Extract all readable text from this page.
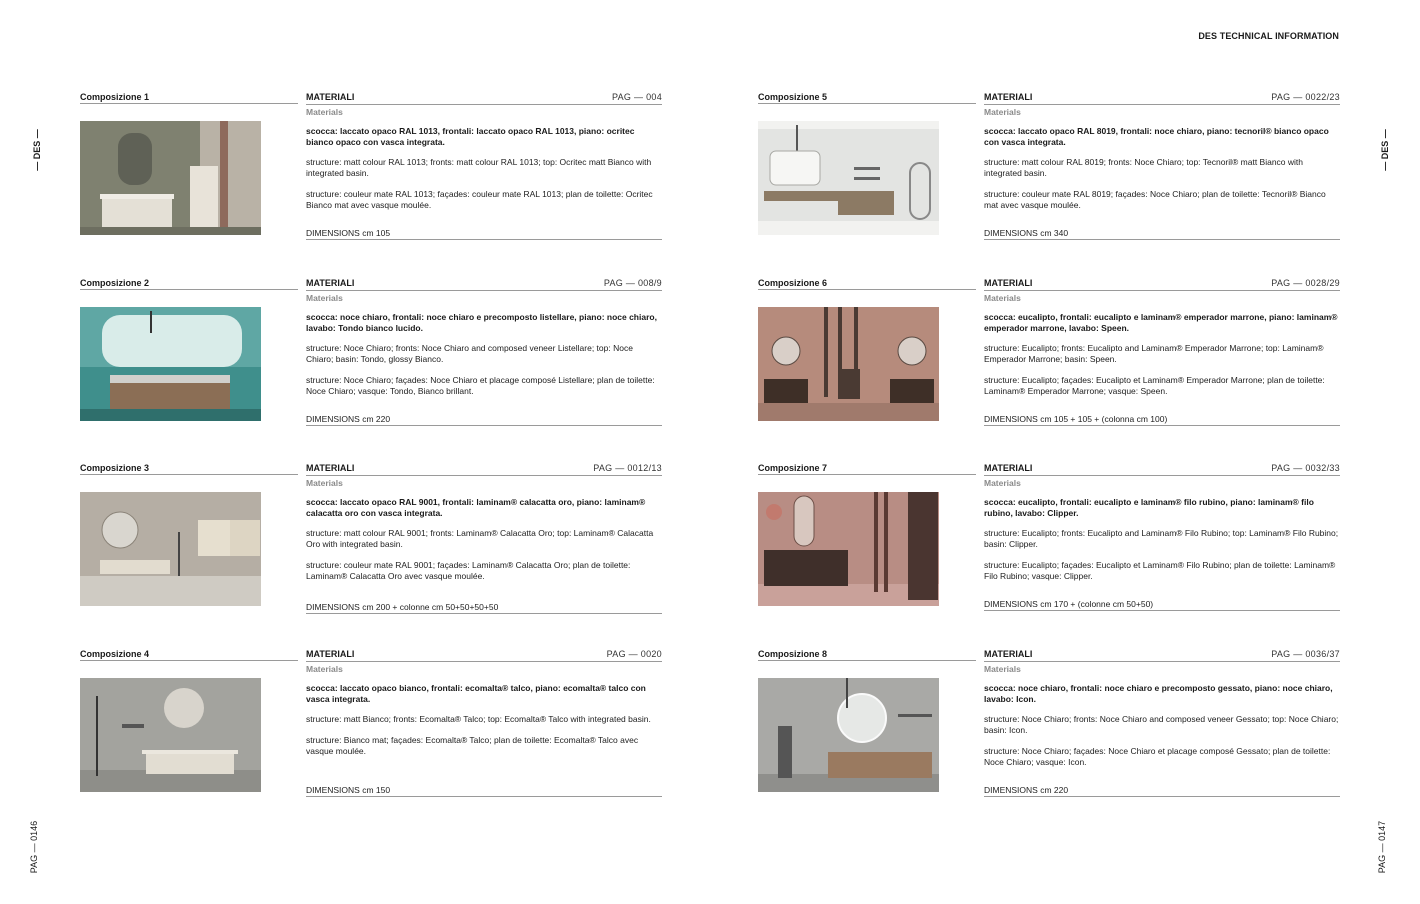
DES TECHNICAL INFORMATION
— DES —	— DES —
PAG — 0146	PAG — 0147
Composizione 1	MATERIALI	PAG — 004
Materials
scocca: laccato opaco RAL 1013, frontali: laccato opaco RAL 1013, piano: ocritec bianco opaco con vasca integrata.
structure: matt colour RAL 1013; fronts: matt colour RAL 1013; top: Ocritec matt Bianco with integrated basin.
structure: couleur mate RAL 1013; façades: couleur mate RAL 1013; plan de toilette: Ocritec Bianco mat avec vasque moulée.
DIMENSIONS cm 105
Composizione 2	MATERIALI	PAG — 008/9
Materials
scocca: noce chiaro, frontali: noce chiaro e precomposto listellare, piano: noce chiaro, lavabo: Tondo bianco lucido.
structure: Noce Chiaro; fronts: Noce Chiaro and composed veneer Listellare; top: Noce Chiaro; basin: Tondo, glossy Bianco.
structure: Noce Chiaro; façades: Noce Chiaro et placage composé Listellare; plan de toilette: Noce Chiaro; vasque: Tondo, Bianco brillant.
DIMENSIONS cm 220
Composizione 3	MATERIALI	PAG — 0012/13
Materials
scocca: laccato opaco RAL 9001, frontali: laminam® calacatta oro, piano: laminam® calacatta oro con vasca integrata.
structure: matt colour RAL 9001; fronts: Laminam® Calacatta Oro; top: Laminam® Calacatta Oro with integrated basin.
structure: couleur mate RAL 9001; façades: Laminam® Calacatta Oro; plan de toilette: Laminam® Calacatta Oro avec vasque moulée.
DIMENSIONS cm 200 + colonne cm 50+50+50+50
Composizione 4	MATERIALI	PAG — 0020
Materials
scocca: laccato opaco bianco, frontali: ecomalta® talco, piano: ecomalta® talco con vasca integrata.
structure: matt Bianco; fronts: Ecomalta® Talco; top: Ecomalta® Talco with integrated basin.
structure: Bianco mat; façades: Ecomalta® Talco; plan de toilette: Ecomalta® Talco avec vasque moulée.
DIMENSIONS cm 150
Composizione 5	MATERIALI	PAG — 0022/23
Materials
scocca: laccato opaco RAL 8019, frontali: noce chiaro, piano: tecnoril® bianco opaco con vasca integrata.
structure: matt colour RAL 8019; fronts: Noce Chiaro; top: Tecnoril® matt Bianco with integrated basin.
structure: couleur mate RAL 8019; façades: Noce Chiaro; plan de toilette: Tecnoril® Bianco mat avec vasque moulée.
DIMENSIONS cm 340
Composizione 6	MATERIALI	PAG — 0028/29
Materials
scocca: eucalipto, frontali: eucalipto e laminam® emperador marrone, piano: laminam® emperador marrone, lavabo: Speen.
structure: Eucalipto; fronts: Eucalipto and Laminam® Emperador Marrone; top: Laminam® Emperador Marrone; basin: Speen.
structure: Eucalipto; façades: Eucalipto et Laminam® Emperador Marrone; plan de toilette: Laminam® Emperador Marrone; vasque: Speen.
DIMENSIONS cm 105 + 105 + (colonna cm 100)
Composizione 7	MATERIALI	PAG — 0032/33
Materials
scocca: eucalipto, frontali: eucalipto e laminam® filo rubino, piano: laminam® filo rubino, lavabo: Clipper.
structure: Eucalipto; fronts: Eucalipto and Laminam® Filo Rubino; top: Laminam® Filo Rubino; basin: Clipper.
structure: Eucalipto; façades: Eucalipto et Laminam® Filo Rubino; plan de toilette: Laminam® Filo Rubino; vasque: Clipper.
DIMENSIONS cm 170 + (colonne cm 50+50)
Composizione 8	MATERIALI	PAG — 0036/37
Materials
scocca: noce chiaro, frontali: noce chiaro e precomposto gessato, piano: noce chiaro, lavabo: Icon.
structure: Noce Chiaro; fronts: Noce Chiaro and composed veneer Gessato; top: Noce Chiaro; basin: Icon.
structure: Noce Chiaro; façades: Noce Chiaro et placage composé Gessato; plan de toilette: Noce Chiaro; vasque: Icon.
DIMENSIONS cm 220
